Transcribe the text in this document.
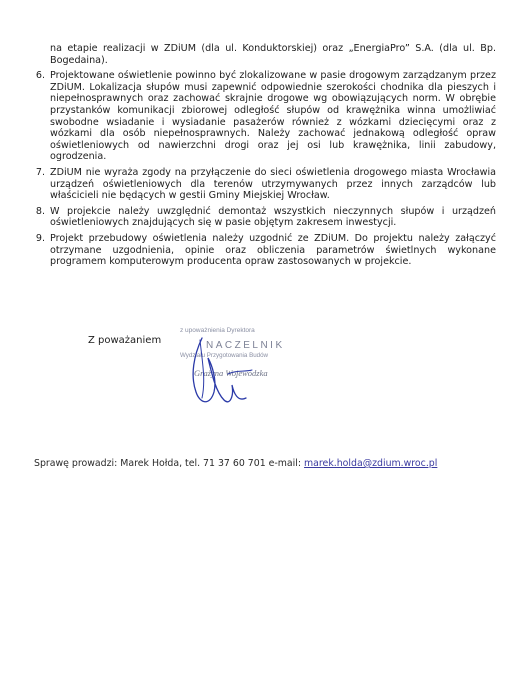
na etapie realizacji w ZDiUM (dla ul. Konduktorskiej) oraz „EnergiaPro” S.A. (dla ul. Bp. Bogedaina).
6. Projektowane oświetlenie powinno być zlokalizowane w pasie drogowym zarządzanym przez ZDiUM. Lokalizacja słupów musi zapewnić odpowiednie szerokości chodnika dla pieszych i niepełnosprawnych oraz zachować skrajnie drogowe wg obowiązujących norm. W obrębie przystanków komunikacji zbiorowej odległość słupów od krawężnika winna umożliwiać swobodne wsiadanie i wysiadanie pasażerów również z wózkami dziecięcymi oraz z wózkami dla osób niepełnosprawnych. Należy zachować jednakową odległość opraw oświetleniowych od nawierzchni drogi oraz jej osi lub krawężnika, linii zabudowy, ogrodzenia.
7. ZDiUM nie wyraża zgody na przyłączenie do sieci oświetlenia drogowego miasta Wrocławia urządzeń oświetleniowych dla terenów utrzymywanych przez innych zarządców lub właścicieli nie będących w gestii Gminy Miejskiej Wrocław.
8. W projekcie należy uwzględnić demontaż wszystkich nieczynnych słupów i urządzeń oświetleniowych znajdujących się w pasie objętym zakresem inwestycji.
9. Projekt przebudowy oświetlenia należy uzgodnić ze ZDiUM. Do projektu należy załączyć otrzymane uzgodnienia, opinie oraz obliczenia parametrów świetlnych wykonane programem komputerowym producenta opraw zastosowanych w projekcie.
Z poważaniem
z upoważnienia Dyrektora
NACZELNIK
Wydziału Przygotowania Budów
Grażyna Wojewódzka
Sprawę prowadzi: Marek Hołda, tel. 71 37 60 701 e-mail: marek.holda@zdium.wroc.pl
